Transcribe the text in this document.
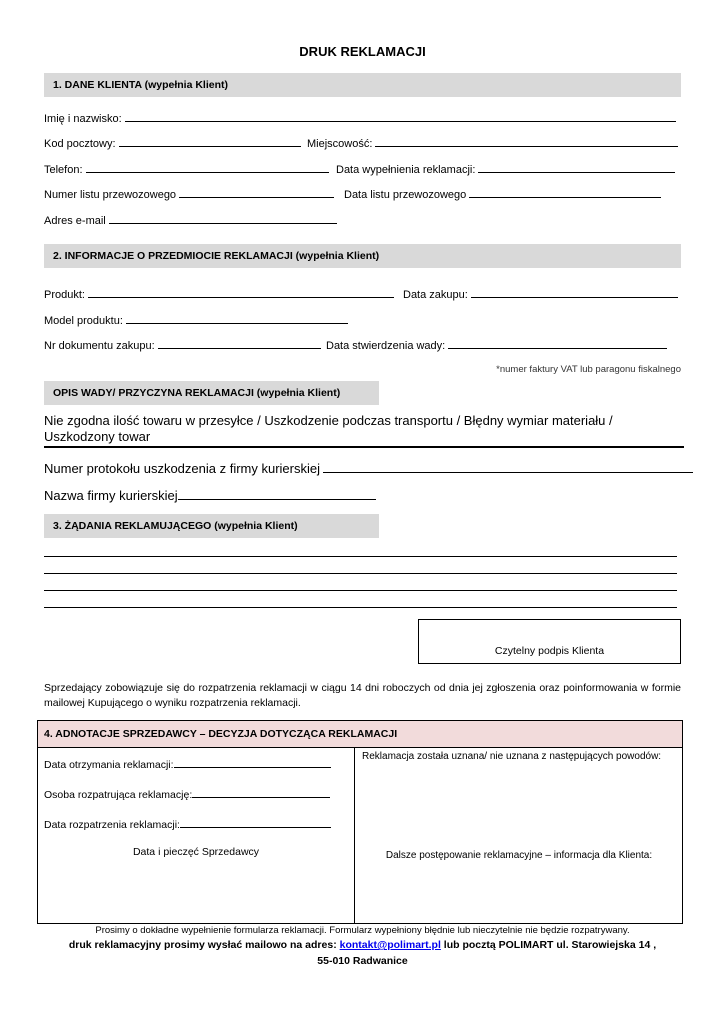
DRUK REKLAMACJI
1. DANE KLIENTA (wypełnia Klient)
Imię i nazwisko:
Kod pocztowy:	Miejscowość:
Telefon:	Data wypełnienia reklamacji:
Numer listu przewozowego	Data listu przewozowego
Adres e-mail
2. INFORMACJE O PRZEDMIOCIE REKLAMACJI (wypełnia Klient)
Produkt:	Data zakupu:
Model produktu:
Nr dokumentu zakupu:	Data stwierdzenia wady:
*numer faktury VAT lub paragonu fiskalnego
OPIS WADY/ PRZYCZYNA REKLAMACJI (wypełnia Klient)
Nie zgodna ilość towaru w przesyłce / Uszkodzenie podczas transportu / Błędny wymiar materiału / Uszkodzony towar
Numer protokołu uszkodzenia z firmy kurierskiej
Nazwa firmy kurierskiej
3. ŻĄDANIA REKLAMUJĄCEGO (wypełnia Klient)
Czytelny podpis Klienta
Sprzedający zobowiązuje się do rozpatrzenia reklamacji w ciągu 14 dni roboczych od dnia jej zgłoszenia oraz poinformowania w formie mailowej Kupującego o wyniku rozpatrzenia reklamacji.
4. ADNOTACJE SPRZEDAWCY – DECYZJA DOTYCZĄCA REKLAMACJI
Data otrzymania reklamacji:
Osoba rozpatrująca reklamację:
Data rozpatrzenia reklamacji:
Data i pieczęć Sprzedawcy
Reklamacja została uznana/ nie uznana z następujących powodów:
Dalsze postępowanie reklamacyjne – informacja dla Klienta:
Prosimy o dokładne wypełnienie formularza reklamacji. Formularz wypełniony błędnie lub nieczytelnie nie będzie rozpatrywany.
druk reklamacyjny prosimy wysłać mailowo na adres: kontakt@polimart.pl lub pocztą POLIMART ul. Starowiejska 14 ,
55-010 Radwanice
